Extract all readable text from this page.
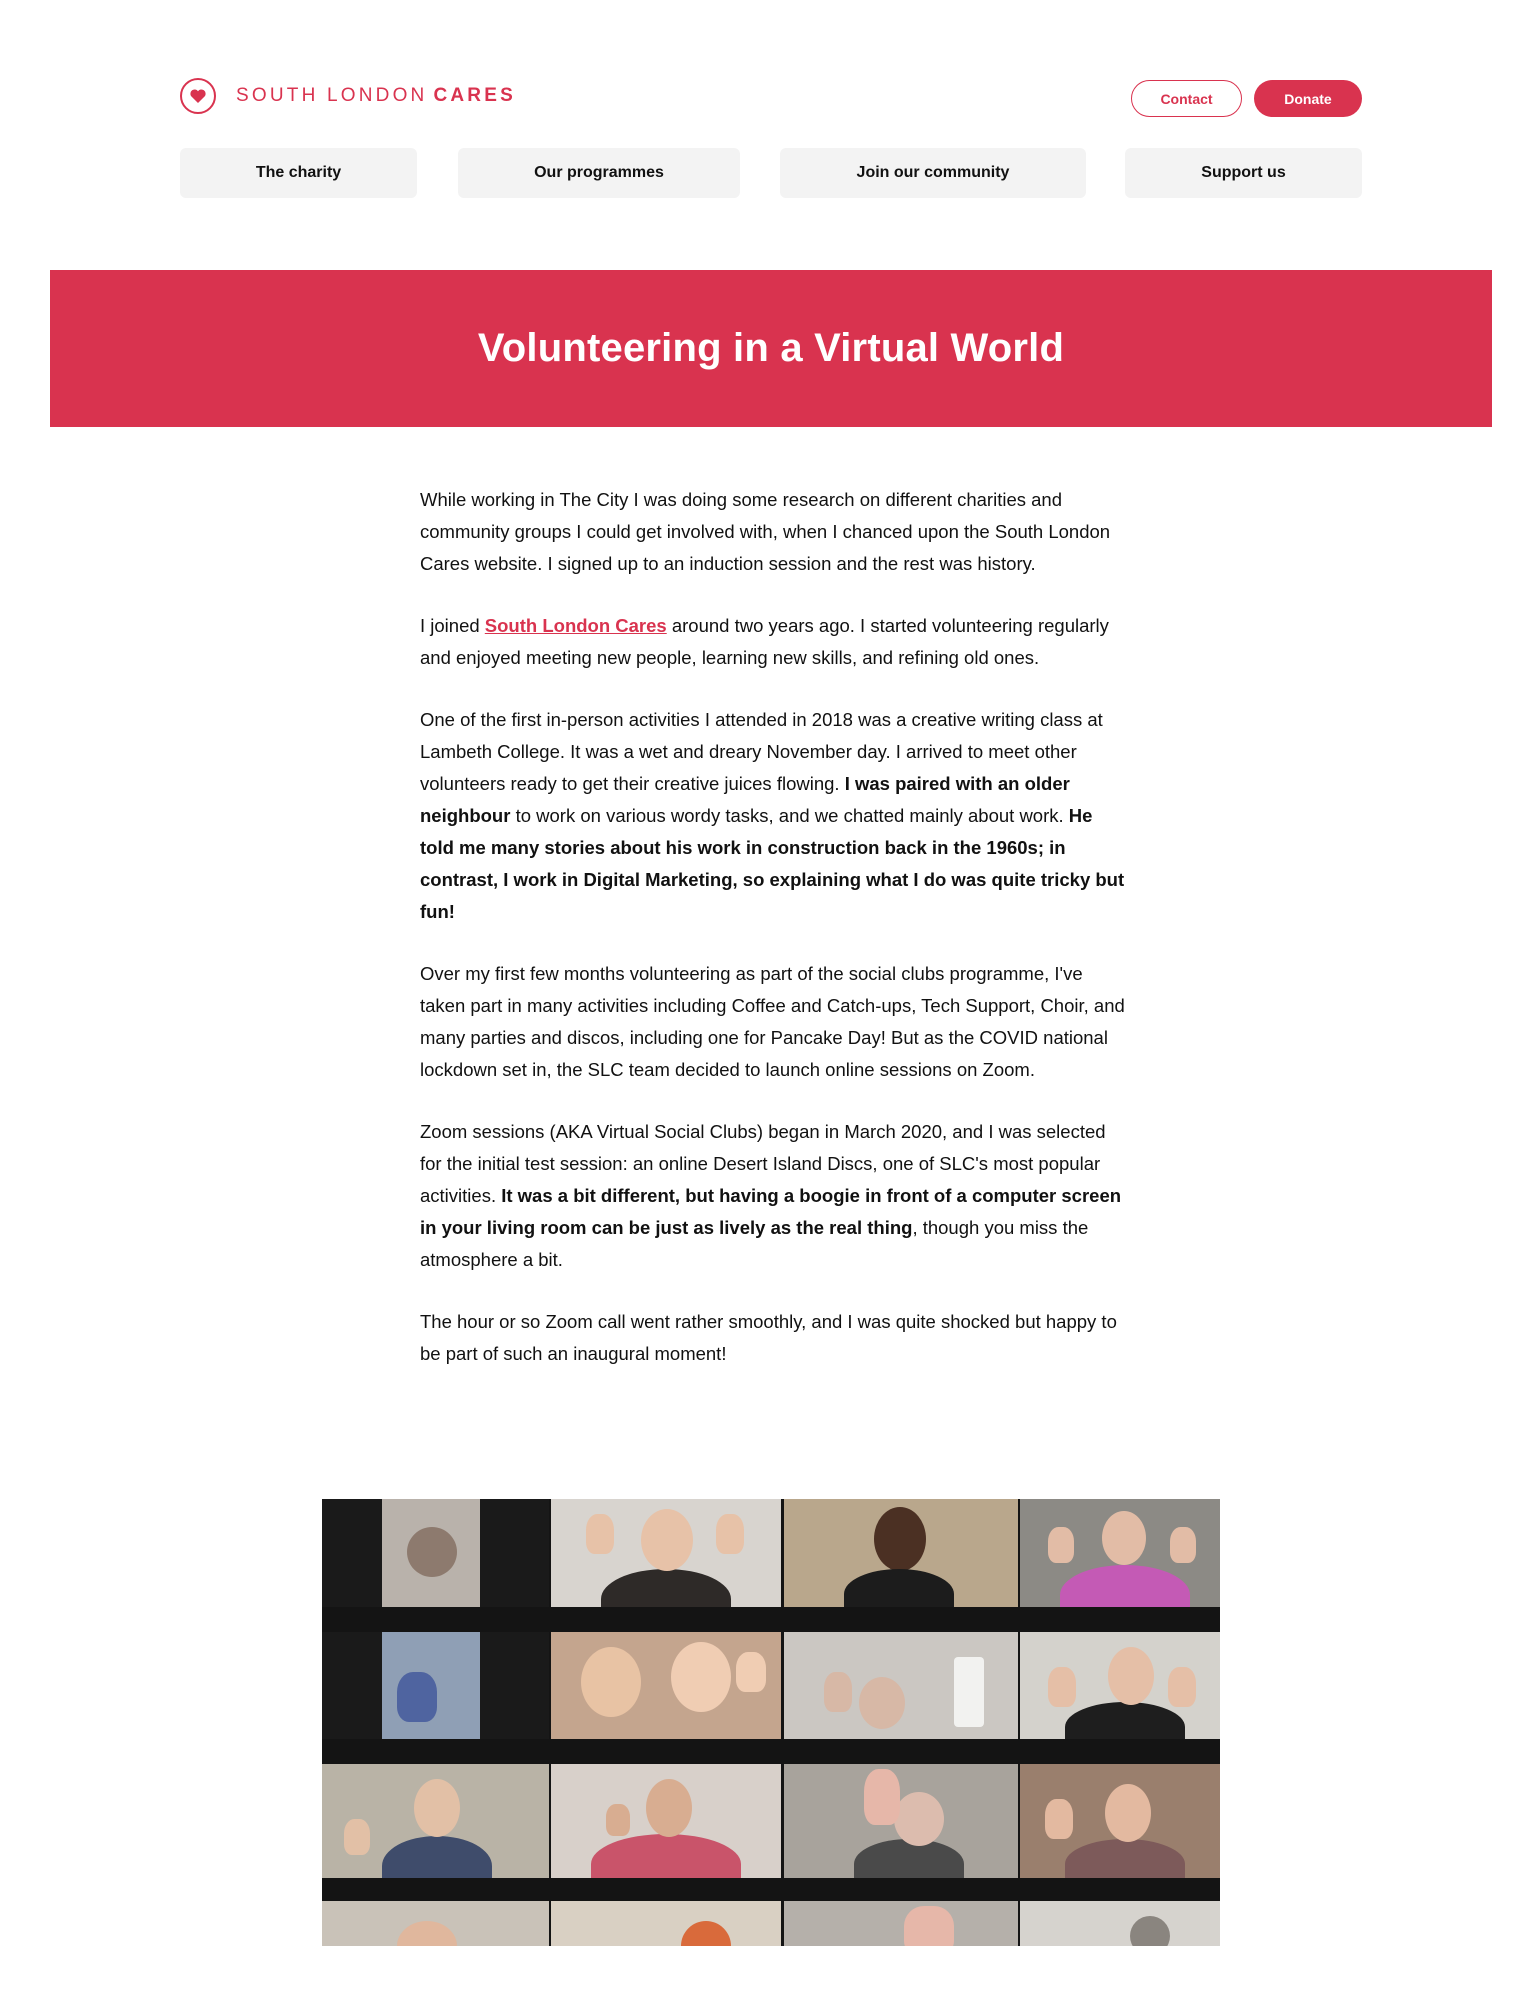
SOUTH LONDON CARES	Contact	Donate
The charity	Our programmes	Join our community	Support us
Volunteering in a Virtual World

While working in The City I was doing some research on different charities and community groups I could get involved with, when I chanced upon the South London Cares website. I signed up to an induction session and the rest was history.

I joined South London Cares around two years ago. I started volunteering regularly and enjoyed meeting new people, learning new skills, and refining old ones.

One of the first in-person activities I attended in 2018 was a creative writing class at Lambeth College. It was a wet and dreary November day. I arrived to meet other volunteers ready to get their creative juices flowing. I was paired with an older neighbour to work on various wordy tasks, and we chatted mainly about work. He told me many stories about his work in construction back in the 1960s; in contrast, I work in Digital Marketing, so explaining what I do was quite tricky but fun!

Over my first few months volunteering as part of the social clubs programme, I've taken part in many activities including Coffee and Catch-ups, Tech Support, Choir, and many parties and discos, including one for Pancake Day! But as the COVID national lockdown set in, the SLC team decided to launch online sessions on Zoom.

Zoom sessions (AKA Virtual Social Clubs) began in March 2020, and I was selected for the initial test session: an online Desert Island Discs, one of SLC's most popular activities. It was a bit different, but having a boogie in front of a computer screen in your living room can be just as lively as the real thing, though you miss the atmosphere a bit.

The hour or so Zoom call went rather smoothly, and I was quite shocked but happy to be part of such an inaugural moment!
